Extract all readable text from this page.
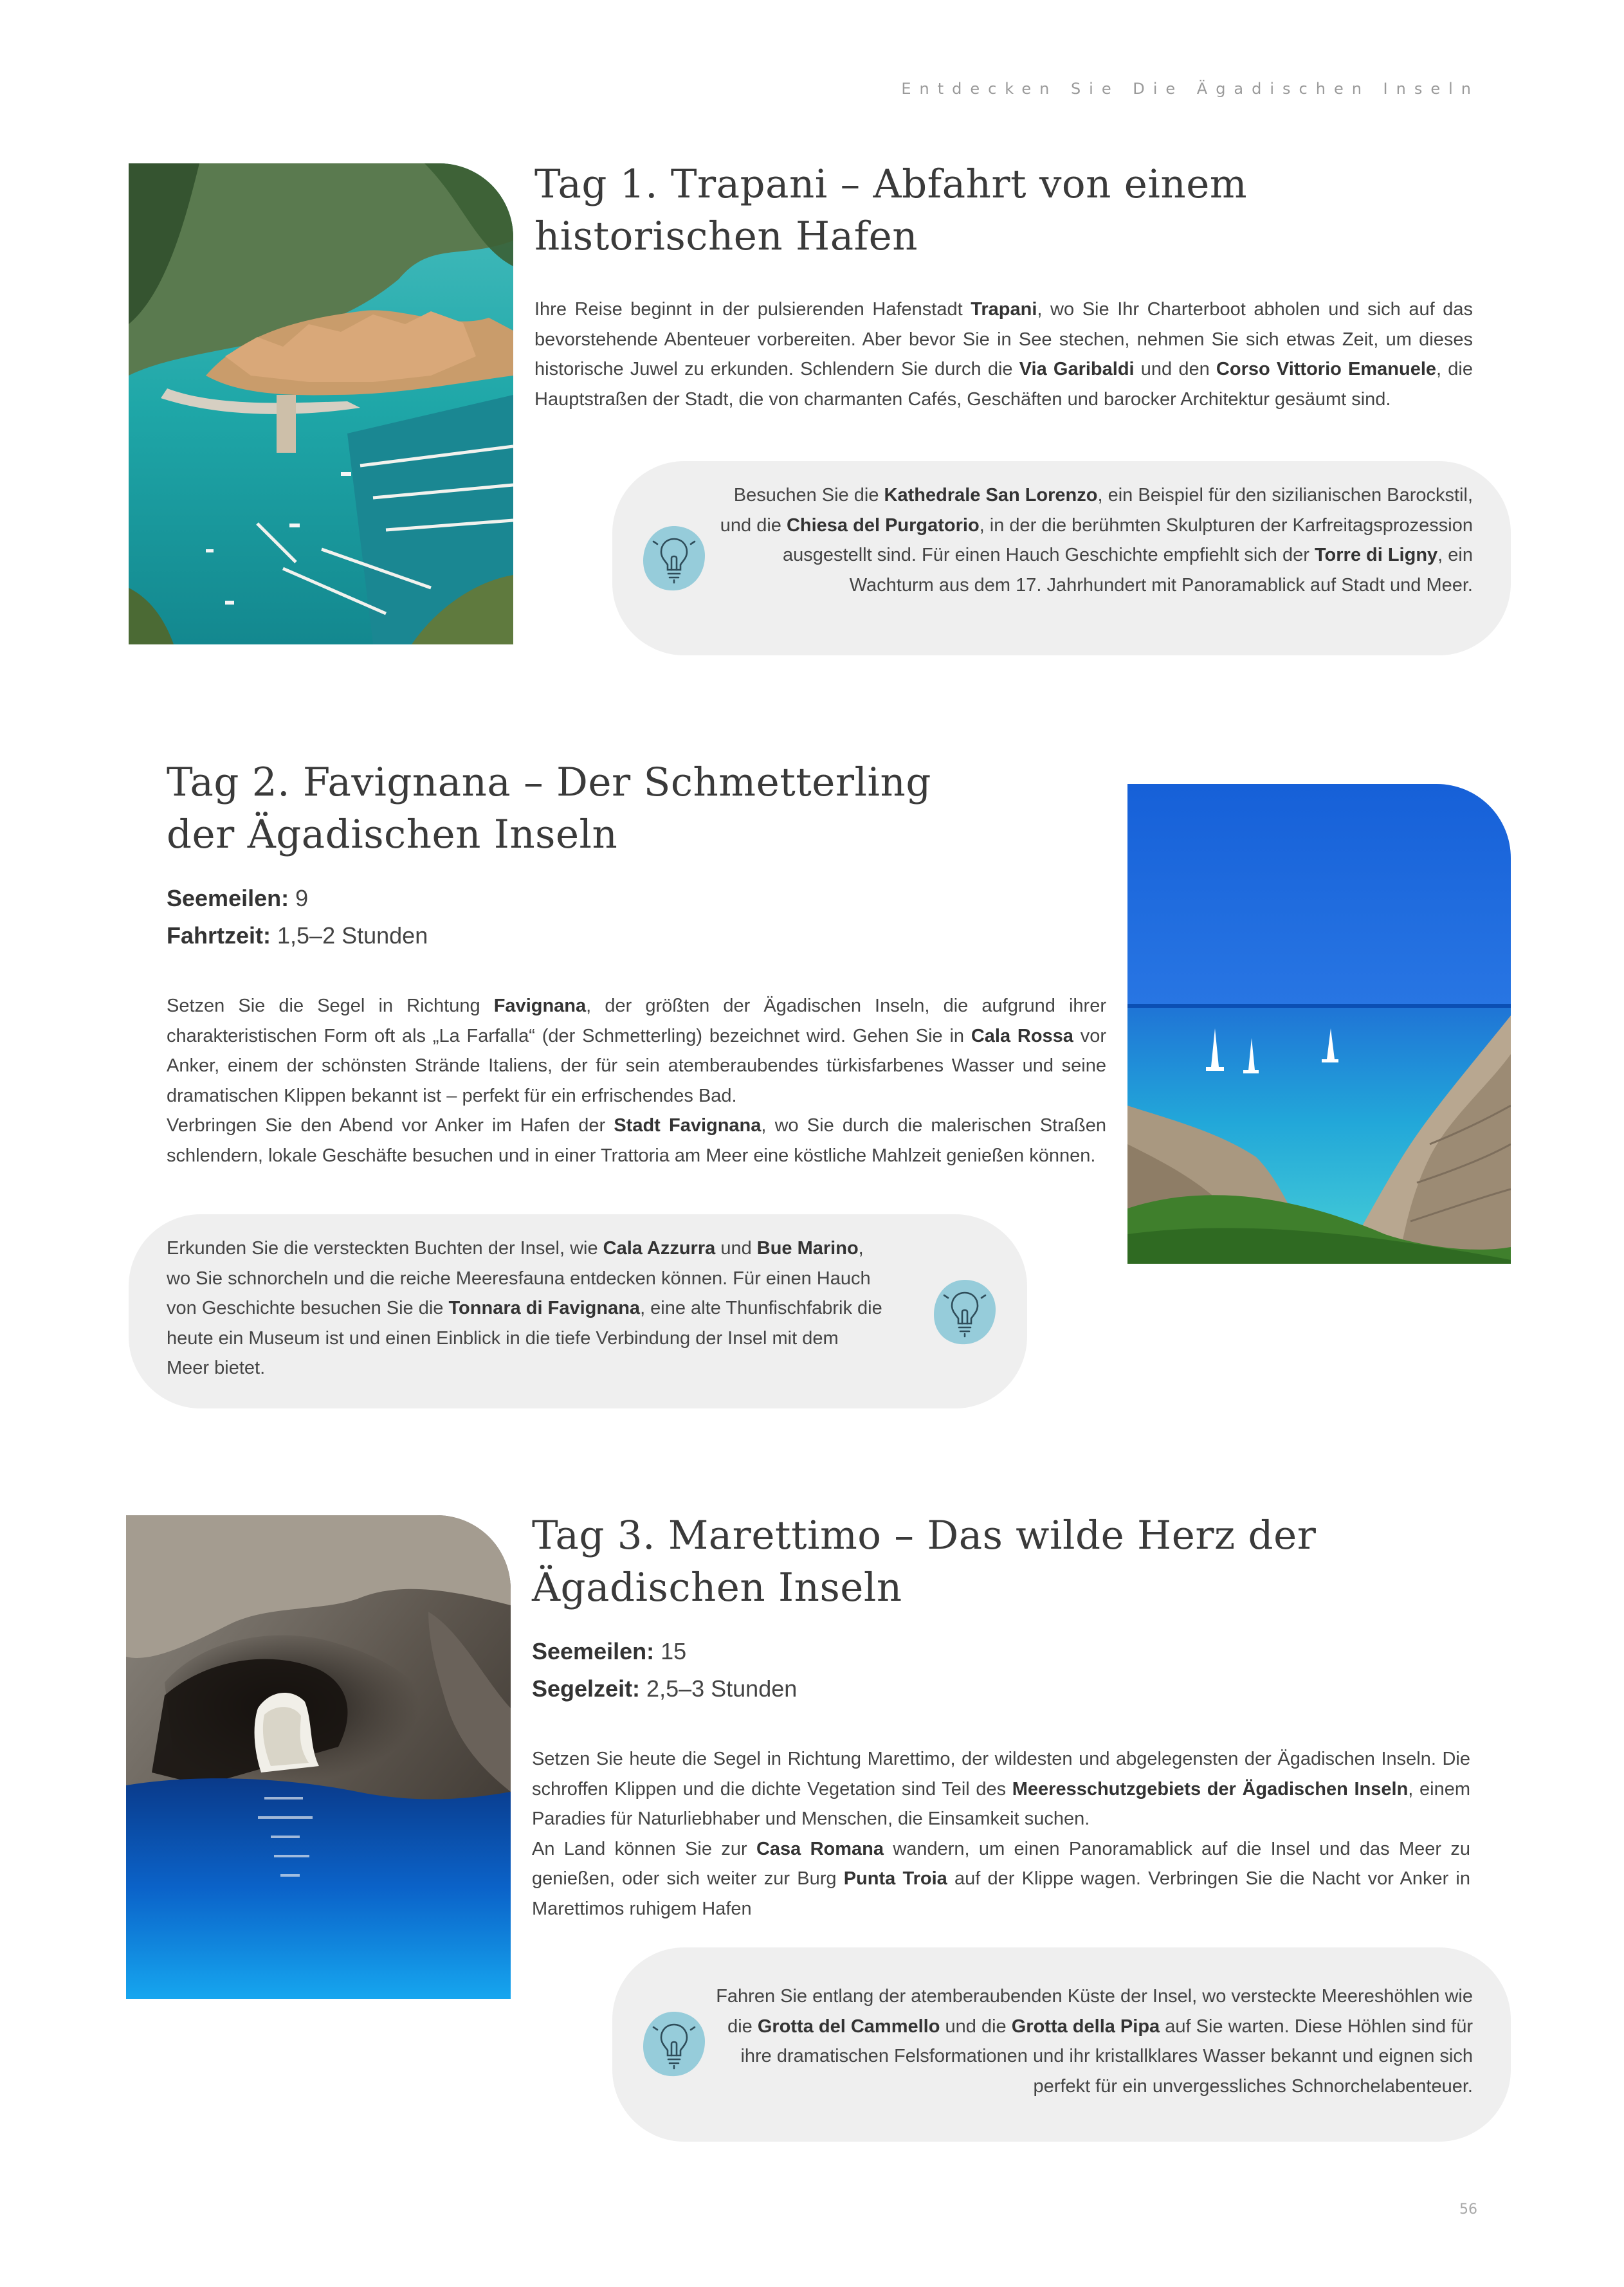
Entdecken Sie Die Ägadischen Inseln
Tag 1. Trapani – Abfahrt von einem historischen Hafen
Ihre Reise beginnt in der pulsierenden Hafenstadt Trapani, wo Sie Ihr Charterboot abholen und sich auf das bevorstehende Abenteuer vorbereiten. Aber bevor Sie in See stechen, nehmen Sie sich etwas Zeit, um dieses historische Juwel zu erkunden. Schlendern Sie durch die Via Garibaldi und den Corso Vittorio Emanuele, die Hauptstraßen der Stadt, die von charmanten Cafés, Geschäften und barocker Architektur gesäumt sind.
Besuchen Sie die Kathedrale San Lorenzo, ein Beispiel für den sizilianischen Barockstil, und die Chiesa del Purgatorio, in der die berühmten Skulpturen der Karfreitagsprozession ausgestellt sind. Für einen Hauch Geschichte empfiehlt sich der Torre di Ligny, ein Wachturm aus dem 17. Jahrhundert mit Panoramablick auf Stadt und Meer.
Tag 2. Favignana – Der Schmetterling der Ägadischen Inseln
Seemeilen: 9
Fahrtzeit: 1,5–2 Stunden

Setzen Sie die Segel in Richtung Favignana, der größten der Ägadischen Inseln, die aufgrund ihrer charakteristischen Form oft als „La Farfalla“ (der Schmetterling) bezeichnet wird. Gehen Sie in Cala Rossa vor Anker, einem der schönsten Strände Italiens, der für sein atemberaubendes türkisfarbenes Wasser und seine dramatischen Klippen bekannt ist – perfekt für ein erfrischendes Bad.

Verbringen Sie den Abend vor Anker im Hafen der Stadt Favignana, wo Sie durch die malerischen Straßen schlendern, lokale Geschäfte besuchen und in einer Trattoria am Meer eine köstliche Mahlzeit genießen können.

Erkunden Sie die versteckten Buchten der Insel, wie Cala Azzurra und Bue Marino,
wo Sie schnorcheln und die reiche Meeresfauna entdecken können. Für einen Hauch
von Geschichte besuchen Sie die Tonnara di Favignana, eine alte Thunfischfabrik die
heute ein Museum ist und einen Einblick in die tiefe Verbindung der Insel mit dem
Meer bietet.
Tag 3. Marettimo – Das wilde Herz der Ägadischen Inseln
Seemeilen: 15
Segelzeit: 2,5–3 Stunden

Setzen Sie heute die Segel in Richtung Marettimo, der wildesten und abgelegensten der Ägadischen Inseln. Die schroffen Klippen und die dichte Vegetation sind Teil des Meeresschutzgebiets der Ägadischen Inseln, einem Paradies für Naturliebhaber und Menschen, die Einsamkeit suchen.

An Land können Sie zur Casa Romana wandern, um einen Panoramablick auf die Insel und das Meer zu genießen, oder sich weiter zur Burg Punta Troia auf der Klippe wagen. Verbringen Sie die Nacht vor Anker in Marettimos ruhigem Hafen

Fahren Sie entlang der atemberaubenden Küste der Insel, wo versteckte Meereshöhlen wie die Grotta del Cammello und die Grotta della Pipa auf Sie warten. Diese Höhlen sind für ihre dramatischen Felsformationen und ihr kristallklares Wasser bekannt und eignen sich perfekt für ein unvergessliches Schnorchelabenteuer.
56
